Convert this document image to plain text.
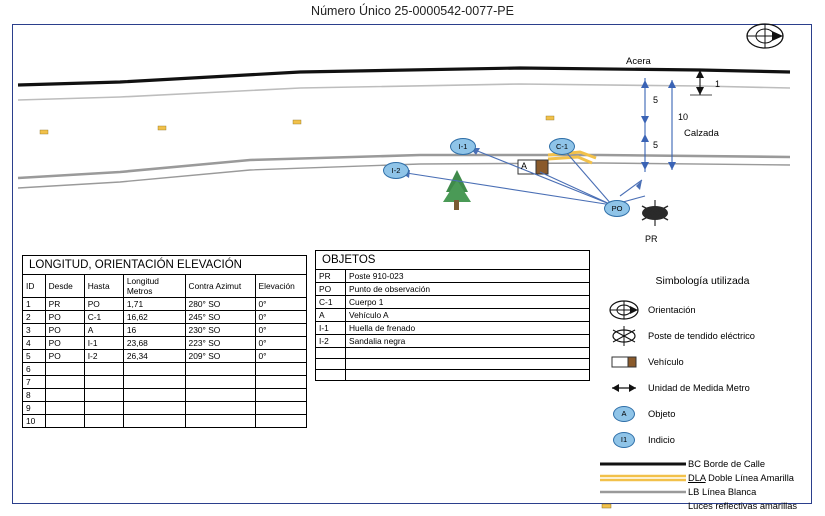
Número Único 25-0000542-0077-PE
I-1
I-2
C-1
PO
A
Acera
Calzada
1
5
5
10
PR
LONGITUD, ORIENTACIÓN ELEVACIÓN
ID	Desde	Hasta	Longitud Metros	Contra Azimut	Elevación
1	PR	PO	1,71	280° SO	0°
2	PO	C-1	16,62	245° SO	0°
3	PO	A	16	230° SO	0°
4	PO	I-1	23,68	223° SO	0°
5	PO	I-2	26,34	209° SO	0°
6					
7					
8					
9					
10					
OBJETOS
PR	Poste 910-023
PO	Punto de observación
C-1	Cuerpo 1
A	Vehículo A
I-1	Huella de frenado
I-2	Sandalia negra

Simbología utilizada
Orientación
Poste de tendido eléctrico
Vehículo
Unidad de Medida Metro
A	Objeto
I1	Indicio
BC Borde de Calle
DLA Doble Línea Amarilla
LB Línea Blanca
Luces reflectivas amarillas
